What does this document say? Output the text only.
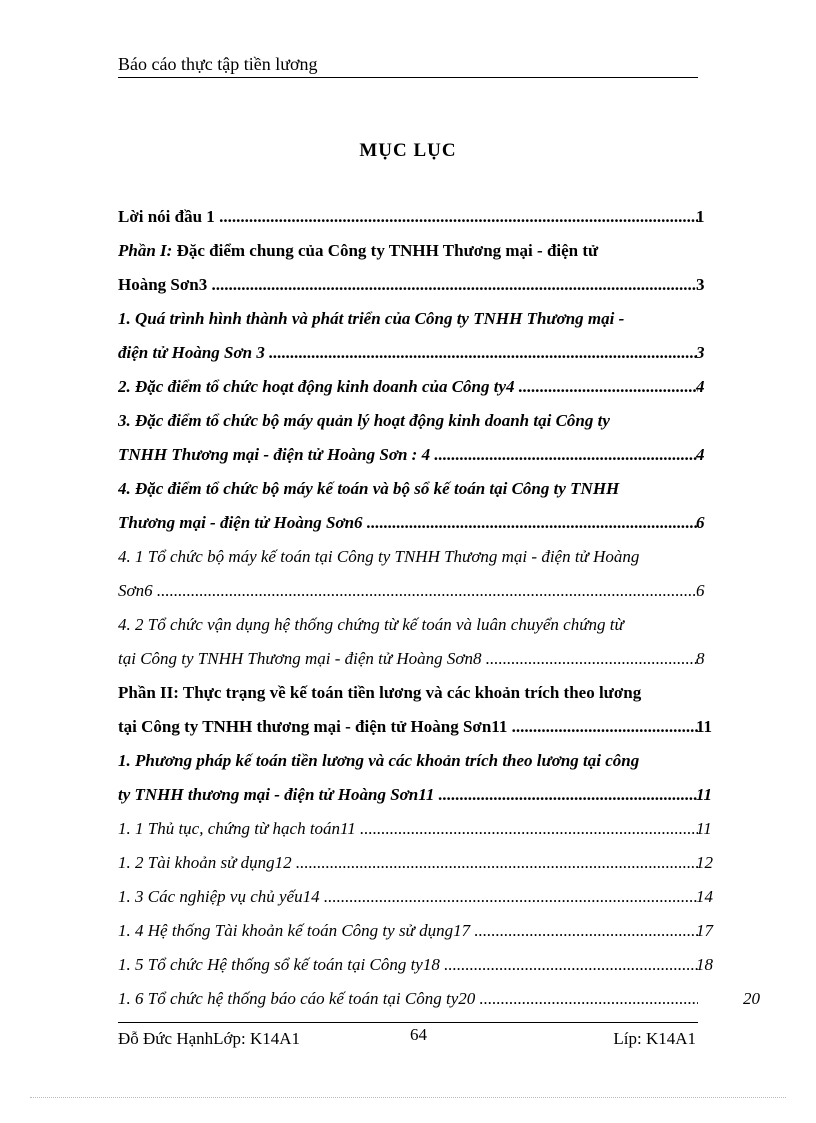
Báo cáo thực tập tiền lương
MỤC LỤC
Lời nói đầu 1 .....	1
Phần I: Đặc điểm chung của Công ty TNHH Thương mại - điện tử
Hoàng Sơn3 .....	3
1. Quá trình hình thành và phát triển của Công ty TNHH Thương mại -
điện tử Hoàng Sơn 3 .....	3
2. Đặc điểm tổ chức hoạt động kinh doanh của Công ty4 .....	4
3. Đặc điểm tổ chức bộ máy quản lý hoạt động kinh doanh tại Công ty
TNHH Thương mại - điện tử Hoàng Sơn : 4 .....	4
4. Đặc điểm tổ chức bộ máy kế toán và bộ sổ kế toán tại Công ty TNHH
Thương mại - điện tử Hoàng Sơn6 .....	6
4. 1 Tổ chức bộ máy kế toán tại Công ty TNHH Thương mại - điện tử Hoàng
Sơn6 .....	6
4. 2 Tổ chức vận dụng hệ thống chứng từ kế toán và luân chuyển chứng từ
tại Công ty TNHH Thương mại - điện tử Hoàng Sơn8 .....	8
Phần II: Thực trạng về kế toán tiền lương và các khoản trích theo lương
tại Công ty TNHH thương mại - điện tử Hoàng Sơn11 .....	11
1. Phương pháp kế toán tiền lương và các khoản trích theo lương tại công
ty TNHH thương mại - điện tử Hoàng Sơn11 .....	11
1. 1 Thủ tục, chứng từ hạch toán11 .....	11
1. 2 Tài khoản sử dụng12 .....	12
1. 3 Các nghiệp vụ chủ yếu14 .....	14
1. 4 Hệ thống Tài khoản kế toán Công ty sử dụng17 .....	17
1. 5 Tổ chức Hệ thống sổ kế toán tại Công ty18 .....	18
1. 6 Tổ chức hệ thống báo cáo kế toán tại Công ty20 .....	20
Đỗ Đức HạnhLớp: K14A1	64	Líp: K14A1
